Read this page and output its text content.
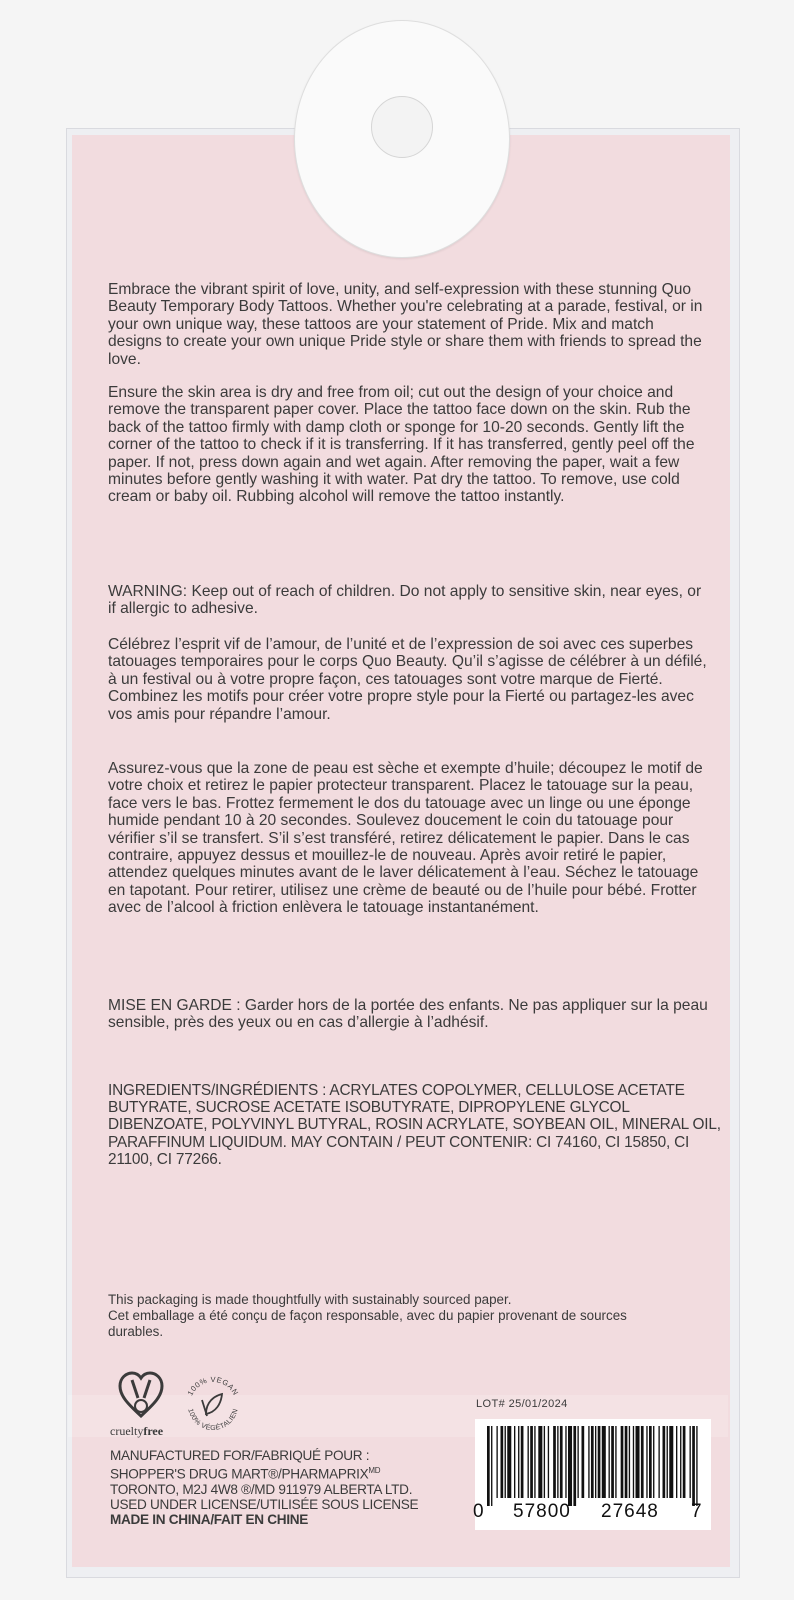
Embrace the vibrant spirit of love, unity, and self-expression with these stunning Quo Beauty Temporary Body Tattoos. Whether you're celebrating at a parade, festival, or in your own unique way, these tattoos are your statement of Pride. Mix and match designs to create your own unique Pride style or share them with friends to spread the love.

Ensure the skin area is dry and free from oil; cut out the design of your choice and remove the transparent paper cover. Place the tattoo face down on the skin. Rub the back of the tattoo firmly with damp cloth or sponge for 10-20 seconds. Gently lift the corner of the tattoo to check if it is transferring. If it has transferred, gently peel off the paper. If not, press down again and wet again. After removing the paper, wait a few minutes before gently washing it with water. Pat dry the tattoo. To remove, use cold cream or baby oil. Rubbing alcohol will remove the tattoo instantly.

WARNING: Keep out of reach of children. Do not apply to sensitive skin, near eyes, or if allergic to adhesive.

Célébrez l’esprit vif de l’amour, de l’unité et de l’expression de soi avec ces superbes tatouages temporaires pour le corps Quo Beauty. Qu’il s’agisse de célébrer à un défilé, à un festival ou à votre propre façon, ces tatouages sont votre marque de Fierté. Combinez les motifs pour créer votre propre style pour la Fierté ou partagez-les avec vos amis pour répandre l’amour.

Assurez-vous que la zone de peau est sèche et exempte d’huile; découpez le motif de votre choix et retirez le papier protecteur transparent. Placez le tatouage sur la peau, face vers le bas. Frottez fermement le dos du tatouage avec un linge ou une éponge humide pendant 10 à 20 secondes. Soulevez doucement le coin du tatouage pour vérifier s’il se transfert. S’il s’est transféré, retirez délicatement le papier. Dans le cas contraire, appuyez dessus et mouillez-le de nouveau. Après avoir retiré le papier, attendez quelques minutes avant de le laver délicatement à l’eau. Séchez le tatouage en tapotant. Pour retirer, utilisez une crème de beauté ou de l’huile pour bébé. Frotter avec de l’alcool à friction enlèvera le tatouage instantanément.

MISE EN GARDE : Garder hors de la portée des enfants. Ne pas appliquer sur la peau sensible, près des yeux ou en cas d’allergie à l’adhésif.

INGREDIENTS/INGRÉDIENTS : ACRYLATES COPOLYMER, CELLULOSE ACETATE BUTYRATE, SUCROSE ACETATE ISOBUTYRATE, DIPROPYLENE GLYCOL DIBENZOATE, POLYVINYL BUTYRAL, ROSIN ACRYLATE, SOYBEAN OIL, MINERAL OIL, PARAFFINUM LIQUIDUM. MAY CONTAIN / PEUT CONTENIR: CI 74160, CI 15850, CI 21100, CI 77266.

This packaging is made thoughtfully with sustainably sourced paper.

Cet emballage a été conçu de façon responsable, avec du papier provenant de sources durables.

crueltyfree
100% VEGAN
100% VÉGÉTALIEN
LOT# 25/01/2024
MANUFACTURED FOR/FABRIQUÉ POUR :
SHOPPER'S DRUG $MART®/PHARMAPRIX^{MD}$
TORONTO, M2J 4W8 ®/MD 911979 ALBERTA LTD.
USED UNDER LICENSE/UTILISÉE SOUS LICENSE
MADE IN CHINA/FAIT EN CHINE	0 57800 27648 7
